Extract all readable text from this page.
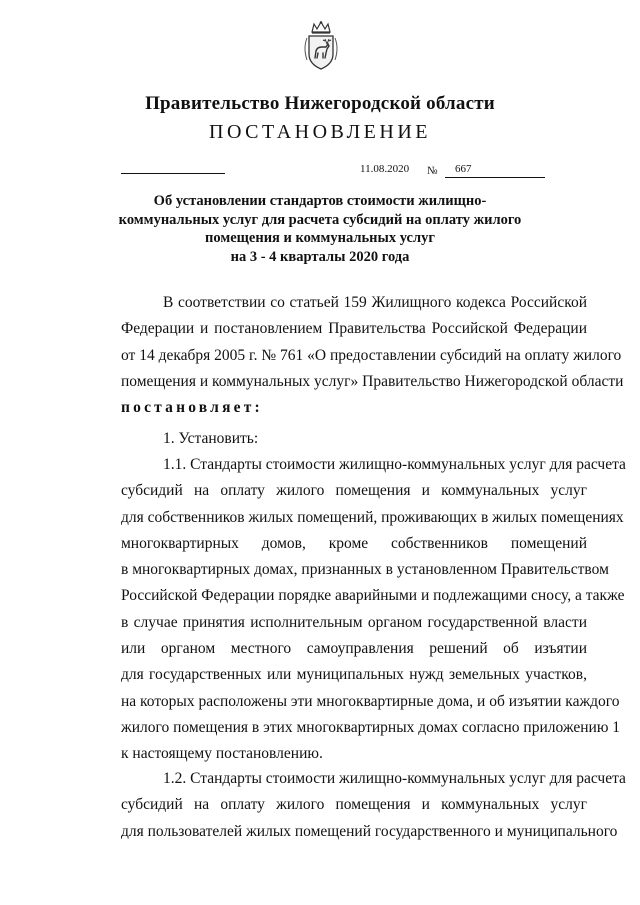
Правительство Нижегородской области
ПОСТАНОВЛЕНИЕ
11.08.2020 № 667
Об установлении стандартов стоимости жилищно-
коммунальных услуг для расчета субсидий на оплату жилого
помещения и коммунальных услуг
на 3 - 4 кварталы 2020 года
В соответствии со статьей 159 Жилищного кодекса Российской
Федерации и постановлением Правительства Российской Федерации
от 14 декабря 2005 г. № 761 «О предоставлении субсидий на оплату жилого
помещения и коммунальных услуг» Правительство Нижегородской области
постановляет:
1. Установить:
1.1. Стандарты стоимости жилищно-коммунальных услуг для расчета
субсидий на оплату жилого помещения и коммунальных услуг
для собственников жилых помещений, проживающих в жилых помещениях
многоквартирных домов, кроме собственников помещений
в многоквартирных домах, признанных в установленном Правительством
Российской Федерации порядке аварийными и подлежащими сносу, а также
в случае принятия исполнительным органом государственной власти
или органом местного самоуправления решений об изъятии
для государственных или муниципальных нужд земельных участков,
на которых расположены эти многоквартирные дома, и об изъятии каждого
жилого помещения в этих многоквартирных домах согласно приложению 1
к настоящему постановлению.
1.2. Стандарты стоимости жилищно-коммунальных услуг для расчета
субсидий на оплату жилого помещения и коммунальных услуг
для пользователей жилых помещений государственного и муниципального
